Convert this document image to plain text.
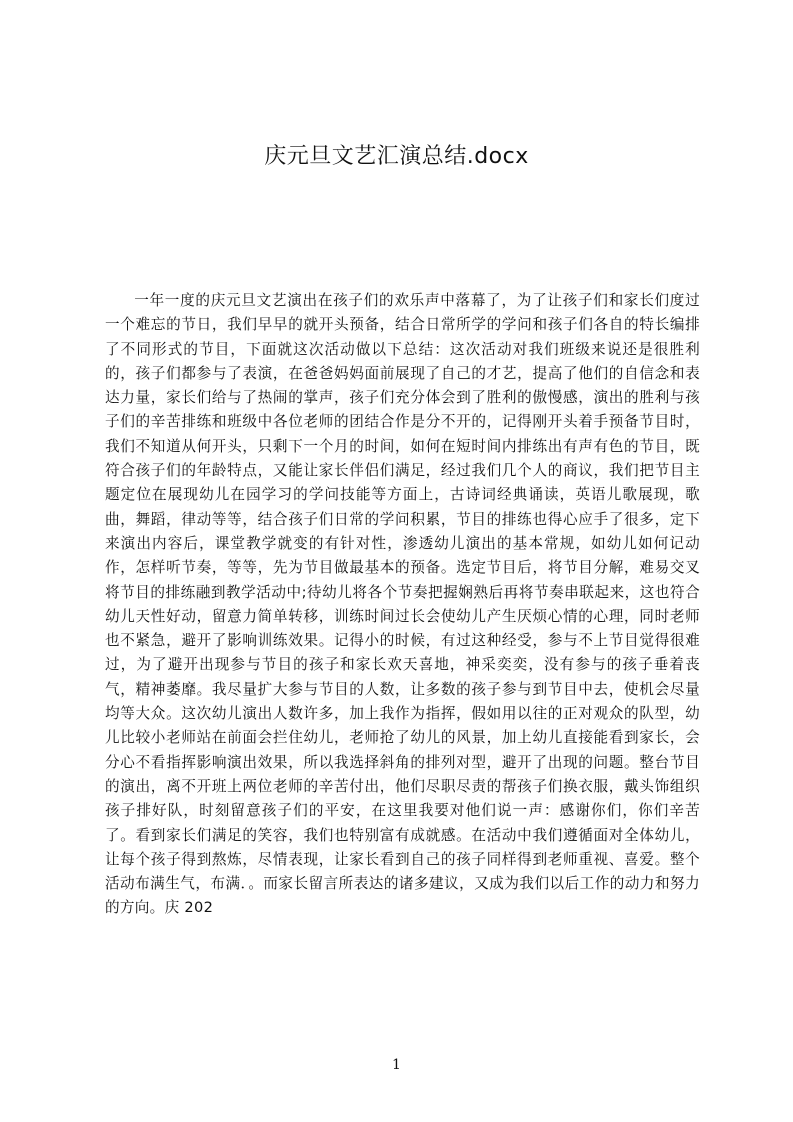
庆元旦文艺汇演总结.docx

一年一度的庆元旦文艺演出在孩子们的欢乐声中落幕了，为了让孩子们和家长们度过一个难忘的节日，我们早早的就开头预备，结合日常所学的学问和孩子们各自的特长编排了不同形式的节目，下面就这次活动做以下总结：这次活动对我们班级来说还是很胜利的，孩子们都参与了表演，在爸爸妈妈面前展现了自己的才艺，提高了他们的自信念和表达力量，家长们给与了热闹的掌声，孩子们充分体会到了胜利的傲慢感，演出的胜利与孩子们的辛苦排练和班级中各位老师的团结合作是分不开的，记得刚开头着手预备节目时，我们不知道从何开头，只剩下一个月的时间，如何在短时间内排练出有声有色的节目，既符合孩子们的年龄特点，又能让家长伴侣们满足，经过我们几个人的商议，我们把节目主题定位在展现幼儿在园学习的学问技能等方面上，古诗词经典诵读，英语儿歌展现，歌曲，舞蹈，律动等等，结合孩子们日常的学问积累，节目的排练也得心应手了很多，定下来演出内容后，课堂教学就变的有针对性，渗透幼儿演出的基本常规，如幼儿如何记动作，怎样听节奏，等等，先为节目做最基本的预备。选定节目后，将节目分解，难易交叉将节目的排练融到教学活动中;待幼儿将各个节奏把握娴熟后再将节奏串联起来，这也符合幼儿天性好动，留意力简单转移，训练时间过长会使幼儿产生厌烦心情的心理，同时老师也不紧急，避开了影响训练效果。记得小的时候，有过这种经受，参与不上节目觉得很难过，为了避开出现参与节目的孩子和家长欢天喜地，神采奕奕，没有参与的孩子垂着丧气，精神萎靡。我尽量扩大参与节目的人数，让多数的孩子参与到节目中去，使机会尽量均等大众。这次幼儿演出人数许多，加上我作为指挥，假如用以往的正对观众的队型，幼儿比较小老师站在前面会拦住幼儿，老师抢了幼儿的风景，加上幼儿直接能看到家长，会分心不看指挥影响演出效果，所以我选择斜角的排列对型，避开了出现的问题。整台节目的演出，离不开班上两位老师的辛苦付出，他们尽职尽责的帮孩子们换衣服，戴头饰组织孩子排好队，时刻留意孩子们的平安，在这里我要对他们说一声：感谢你们，你们辛苦了。看到家长们满足的笑容，我们也特别富有成就感。在活动中我们遵循面对全体幼儿，让每个孩子得到熬炼，尽情表现，让家长看到自己的孩子同样得到老师重视、喜爱。整个活动布满生气，布满．。而家长留言所表达的诸多建议，又成为我们以后工作的动力和努力的方向。庆 202

1
